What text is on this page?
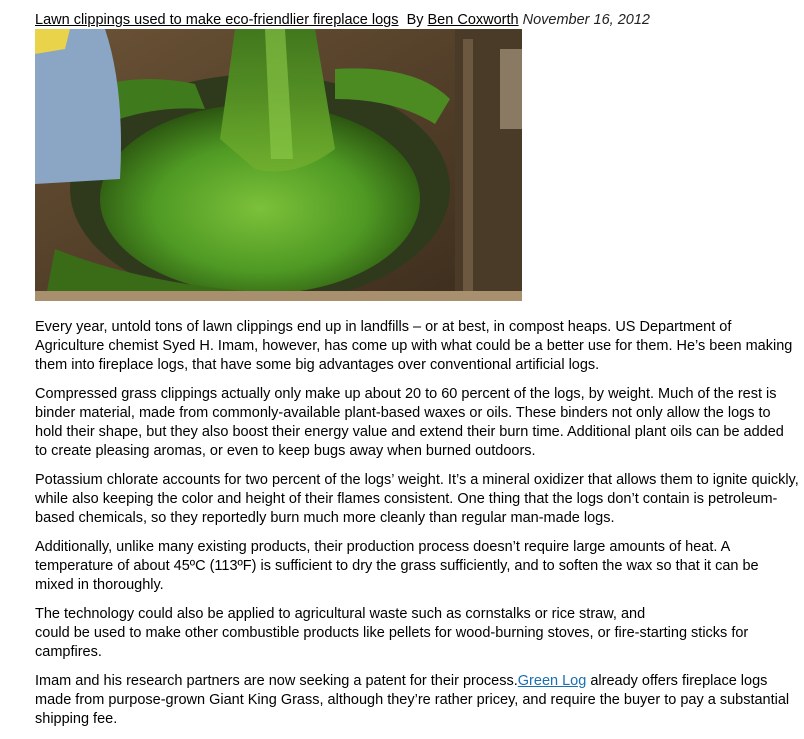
Lawn clippings used to make eco-friendlier fireplace logs By Ben Coxworth November 16, 2012

Every year, untold tons of lawn clippings end up in landfills – or at best, in compost heaps. US Department of Agriculture chemist Syed H. Imam, however, has come up with what could be a better use for them. He’s been making them into fireplace logs, that have some big advantages over conventional artificial logs.

Compressed grass clippings actually only make up about 20 to 60 percent of the logs, by weight. Much of the rest is binder material, made from commonly-available plant-based waxes or oils. These binders not only allow the logs to hold their shape, but they also boost their energy value and extend their burn time. Additional plant oils can be added to create pleasing aromas, or even to keep bugs away when burned outdoors.

Potassium chlorate accounts for two percent of the logs’ weight. It’s a mineral oxidizer that allows them to ignite quickly, while also keeping the color and height of their flames consistent. One thing that the logs don’t contain is petroleum-based chemicals, so they reportedly burn much more cleanly than regular man-made logs.

Additionally, unlike many existing products, their production process doesn’t require large amounts of heat. A temperature of about 45ºC (113ºF) is sufficient to dry the grass sufficiently, and to soften the wax so that it can be mixed in thoroughly.

The technology could also be applied to agricultural waste such as cornstalks or rice straw, and
could be used to make other combustible products like pellets for wood-burning stoves, or fire-starting sticks for campfires.

Imam and his research partners are now seeking a patent for their process.Green Log already offers fireplace logs made from purpose-grown Giant King Grass, although they’re rather pricey, and require the buyer to pay a substantial shipping fee.
